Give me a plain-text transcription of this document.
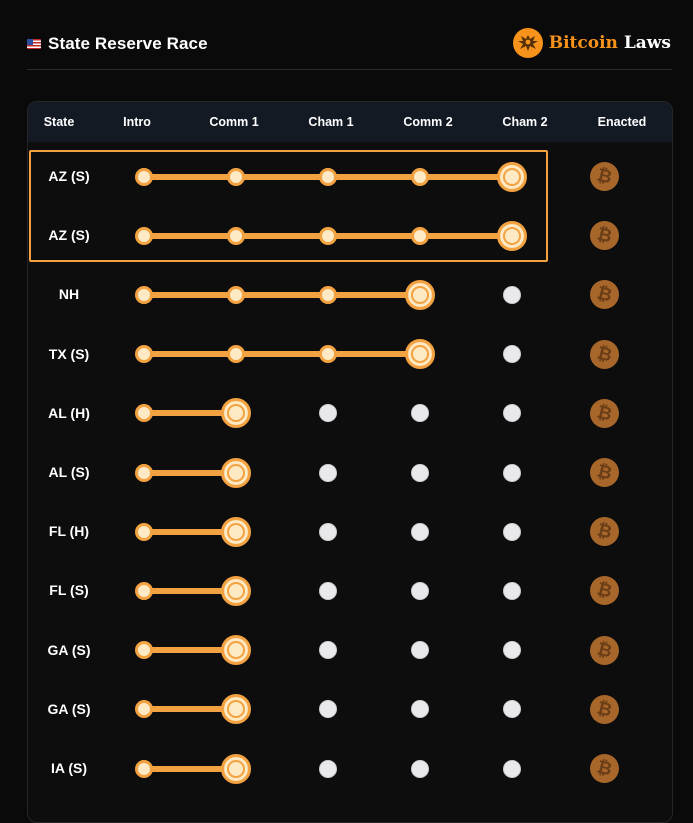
State Reserve Race	Bitcoin Laws
State	Intro	Comm 1	Cham 1	Comm 2	Cham 2	Enacted
AZ (S)	₿
AZ (S)	₿
NH	₿
TX (S)	₿
AL (H)	₿
AL (S)	₿
FL (H)	₿
FL (S)	₿
GA (S)	₿
GA (S)	₿
IA (S)	₿
